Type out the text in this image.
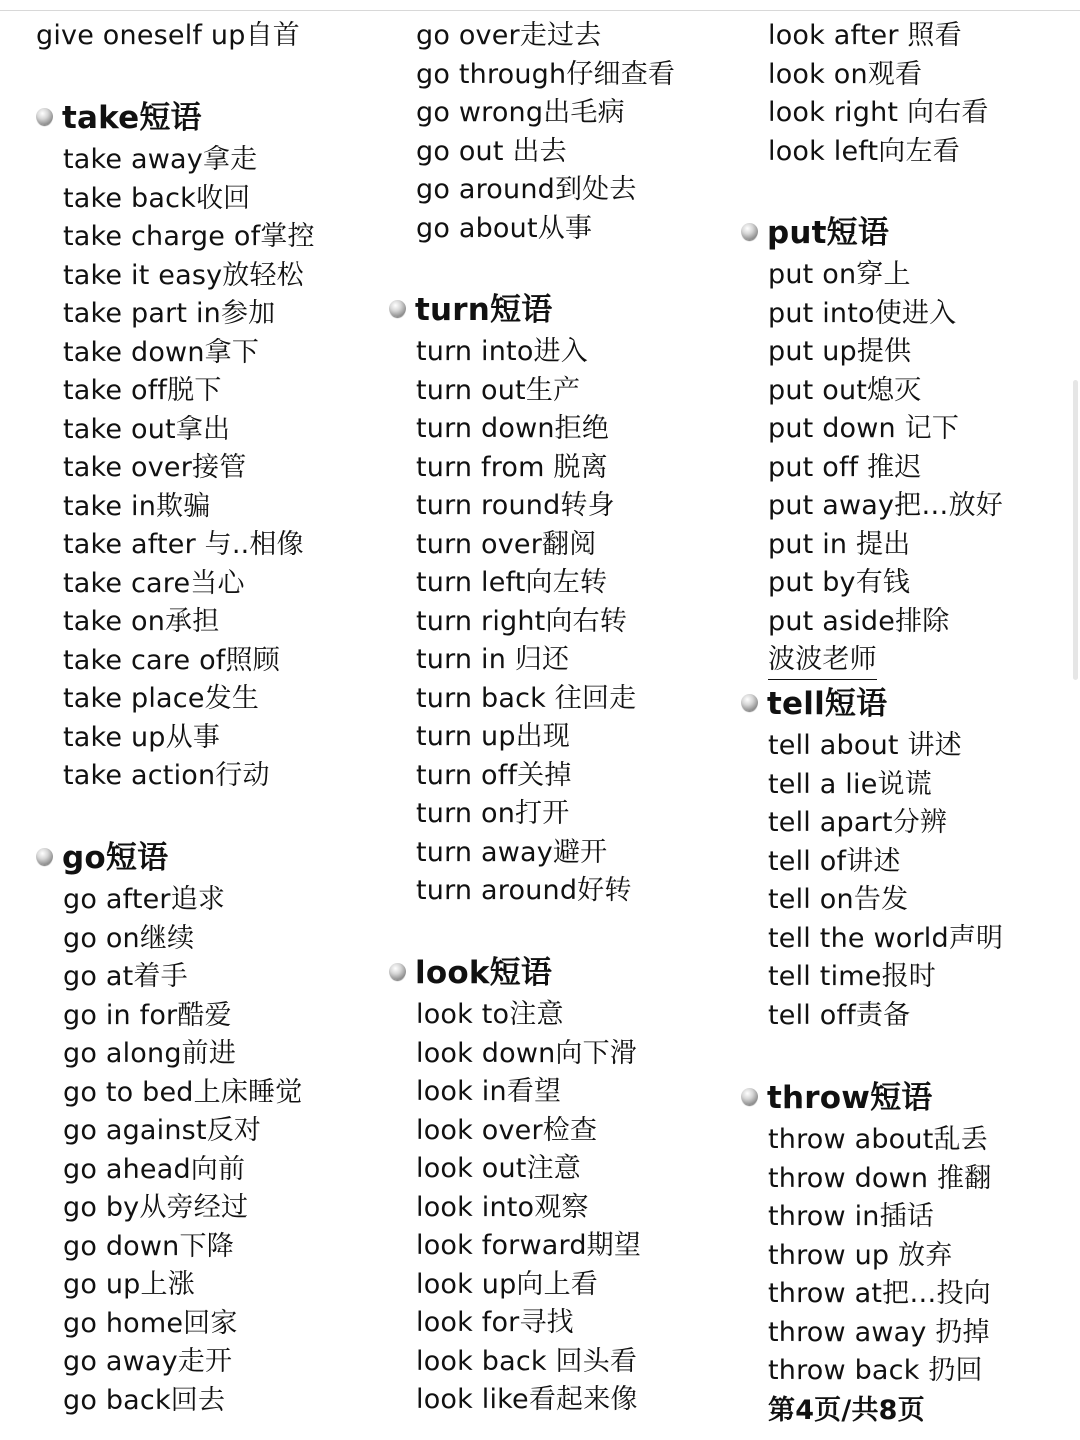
give oneself up自首
take短语
take away拿走
take back收回
take charge of掌控
take it easy放轻松
take part in参加
take down拿下
take off脱下
take out拿出
take over接管
take in欺骗
take after 与..相像
take care当心
take on承担
take care of照顾
take place发生
take up从事
take action行动
go短语
go after追求
go on继续
go at着手
go in for酷爱
go along前进
go to bed上床睡觉
go against反对
go ahead向前
go by从旁经过
go down下降
go up上涨
go home回家
go away走开
go back回去
go over走过去
go through仔细查看
go wrong出毛病
go out 出去
go around到处去
go about从事
turn短语
turn into进入
turn out生产
turn down拒绝
turn from 脱离
turn round转身
turn over翻阅
turn left向左转
turn right向右转
turn in 归还
turn back 往回走
turn up出现
turn off关掉
turn on打开
turn away避开
turn around好转
look短语
look to注意
look down向下滑
look in看望
look over检查
look out注意
look into观察
look forward期望
look up向上看
look for寻找
look back 回头看
look like看起来像
look after 照看
look on观看
look right 向右看
look left向左看
put短语
put on穿上
put into使进入
put up提供
put out熄灭
put down 记下
put off 推迟
put away把…放好
put in 提出
put by有钱
put aside排除
波波老师
tell短语
tell about 讲述
tell a lie说谎
tell apart分辨
tell of讲述
tell on告发
tell the world声明
tell time报时
tell off责备
throw短语
throw about乱丢
throw down 推翻
throw in插话
throw up 放弃
throw at把…投向
throw away 扔掉
throw back 扔回
第4页/共8页
